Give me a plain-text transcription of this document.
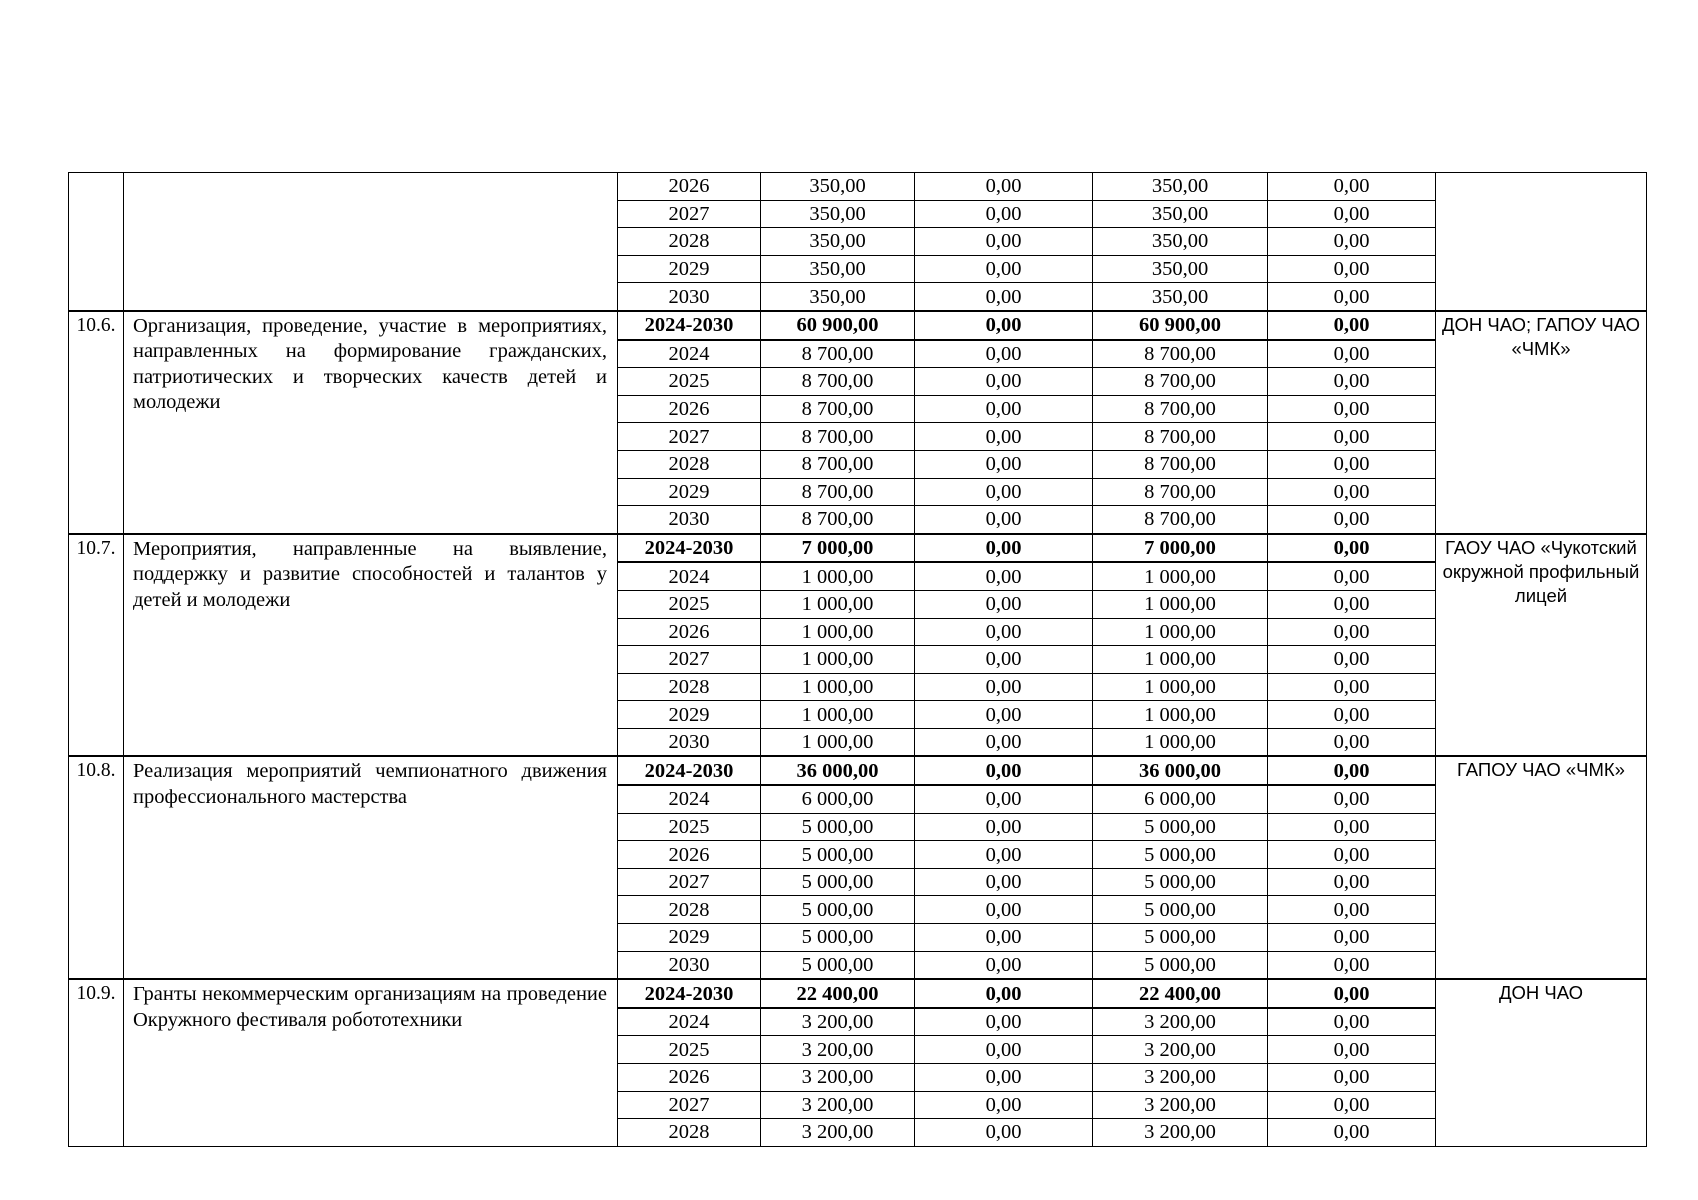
		2026	350,00	0,00	350,00	0,00	
		2027	350,00	0,00	350,00	0,00	
		2028	350,00	0,00	350,00	0,00	
		2029	350,00	0,00	350,00	0,00	
		2030	350,00	0,00	350,00	0,00	
10.6.	Организация, проведение, участие в мероприятиях, направленных на формирование гражданских, патриотических и творческих качеств детей и молодежи	2024-2030	60 900,00	0,00	60 900,00	0,00	ДОН ЧАО; ГАПОУ ЧАО «ЧМК»
		2024	8 700,00	0,00	8 700,00	0,00	
		2025	8 700,00	0,00	8 700,00	0,00	
		2026	8 700,00	0,00	8 700,00	0,00	
		2027	8 700,00	0,00	8 700,00	0,00	
		2028	8 700,00	0,00	8 700,00	0,00	
		2029	8 700,00	0,00	8 700,00	0,00	
		2030	8 700,00	0,00	8 700,00	0,00	
10.7.	Мероприятия, направленные на выявление, поддержку и развитие способностей и талантов у детей и молодежи	2024-2030	7 000,00	0,00	7 000,00	0,00	ГАОУ ЧАО «Чукотский окружной профильный лицей
		2024	1 000,00	0,00	1 000,00	0,00	
		2025	1 000,00	0,00	1 000,00	0,00	
		2026	1 000,00	0,00	1 000,00	0,00	
		2027	1 000,00	0,00	1 000,00	0,00	
		2028	1 000,00	0,00	1 000,00	0,00	
		2029	1 000,00	0,00	1 000,00	0,00	
		2030	1 000,00	0,00	1 000,00	0,00	
10.8.	Реализация мероприятий чемпионатного движения профессионального мастерства	2024-2030	36 000,00	0,00	36 000,00	0,00	ГАПОУ ЧАО «ЧМК»
		2024	6 000,00	0,00	6 000,00	0,00	
		2025	5 000,00	0,00	5 000,00	0,00	
		2026	5 000,00	0,00	5 000,00	0,00	
		2027	5 000,00	0,00	5 000,00	0,00	
		2028	5 000,00	0,00	5 000,00	0,00	
		2029	5 000,00	0,00	5 000,00	0,00	
		2030	5 000,00	0,00	5 000,00	0,00	
10.9.	Гранты некоммерческим организациям на проведение Окружного фестиваля робототехники	2024-2030	22 400,00	0,00	22 400,00	0,00	ДОН ЧАО
		2024	3 200,00	0,00	3 200,00	0,00	
		2025	3 200,00	0,00	3 200,00	0,00	
		2026	3 200,00	0,00	3 200,00	0,00	
		2027	3 200,00	0,00	3 200,00	0,00	
		2028	3 200,00	0,00	3 200,00	0,00	
